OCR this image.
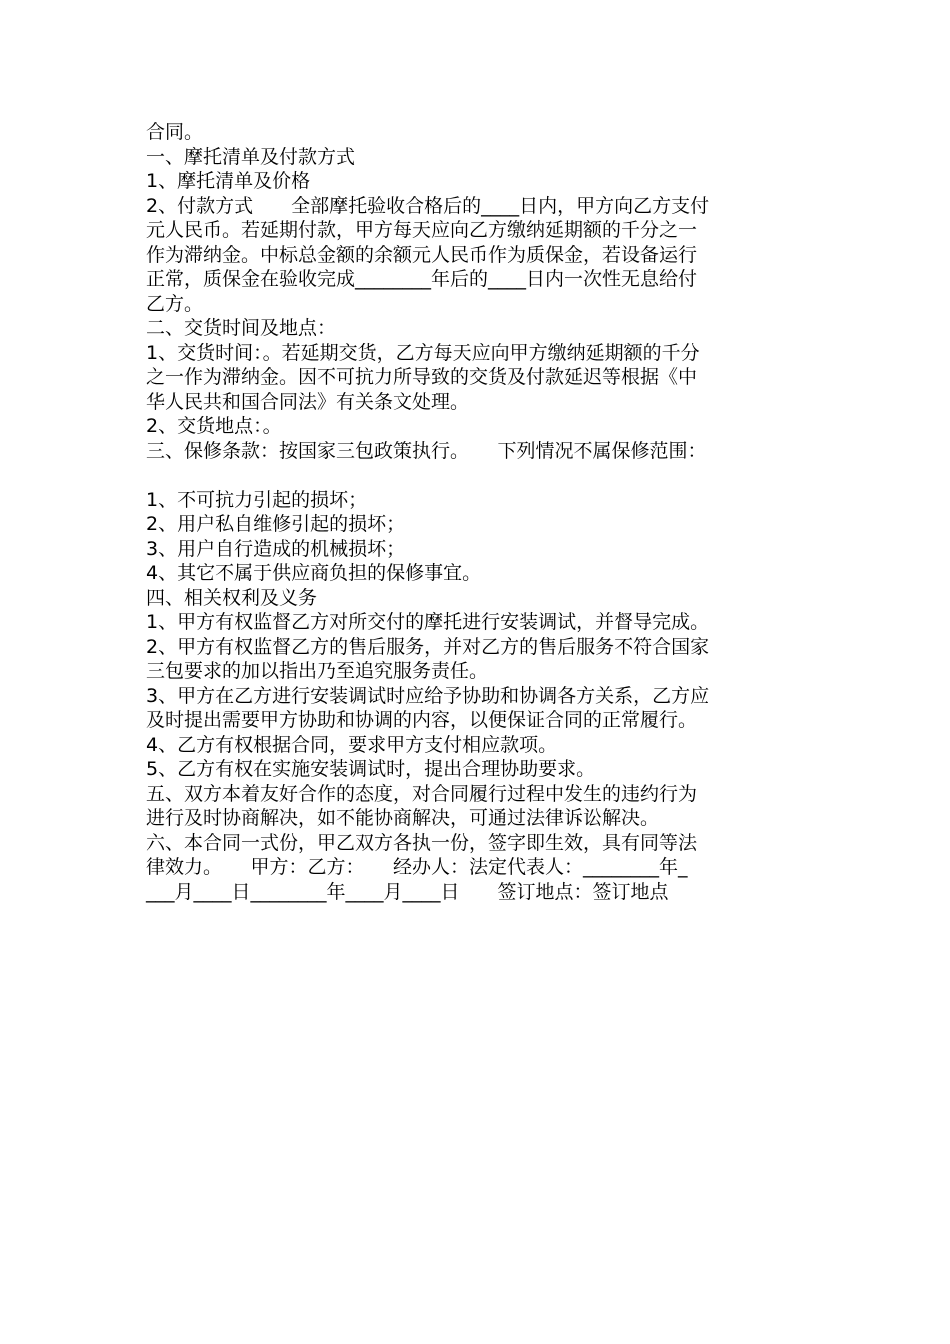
合同。
一、摩托清单及付款方式
1、摩托清单及价格
2、付款方式　　全部摩托验收合格后的____日内，甲方向乙方支付
元人民币。若延期付款，甲方每天应向乙方缴纳延期额的千分之一
作为滞纳金。中标总金额的余额元人民币作为质保金，若设备运行
正常，质保金在验收完成________年后的____日内一次性无息给付
乙方。
二、交货时间及地点：
1、交货时间：。若延期交货，乙方每天应向甲方缴纳延期额的千分
之一作为滞纳金。因不可抗力所导致的交货及付款延迟等根据《中
华人民共和国合同法》有关条文处理。
2、交货地点：。
三、保修条款：按国家三包政策执行。　　下列情况不属保修范围：
1、不可抗力引起的损坏；
2、用户私自维修引起的损坏；
3、用户自行造成的机械损坏；
4、其它不属于供应商负担的保修事宜。
四、相关权利及义务
1、甲方有权监督乙方对所交付的摩托进行安装调试，并督导完成。
2、甲方有权监督乙方的售后服务，并对乙方的售后服务不符合国家
三包要求的加以指出乃至追究服务责任。
3、甲方在乙方进行安装调试时应给予协助和协调各方关系，乙方应
及时提出需要甲方协助和协调的内容，以便保证合同的正常履行。
4、乙方有权根据合同，要求甲方支付相应款项。
5、乙方有权在实施安装调试时，提出合理协助要求。
五、双方本着友好合作的态度，对合同履行过程中发生的违约行为
进行及时协商解决，如不能协商解决，可通过法律诉讼解决。
六、本合同一式份，甲乙双方各执一份，签字即生效，具有同等法
律效力。　　甲方：乙方：　　经办人：法定代表人：________年_
___月____日________年____月____日　　签订地点：签订地点
